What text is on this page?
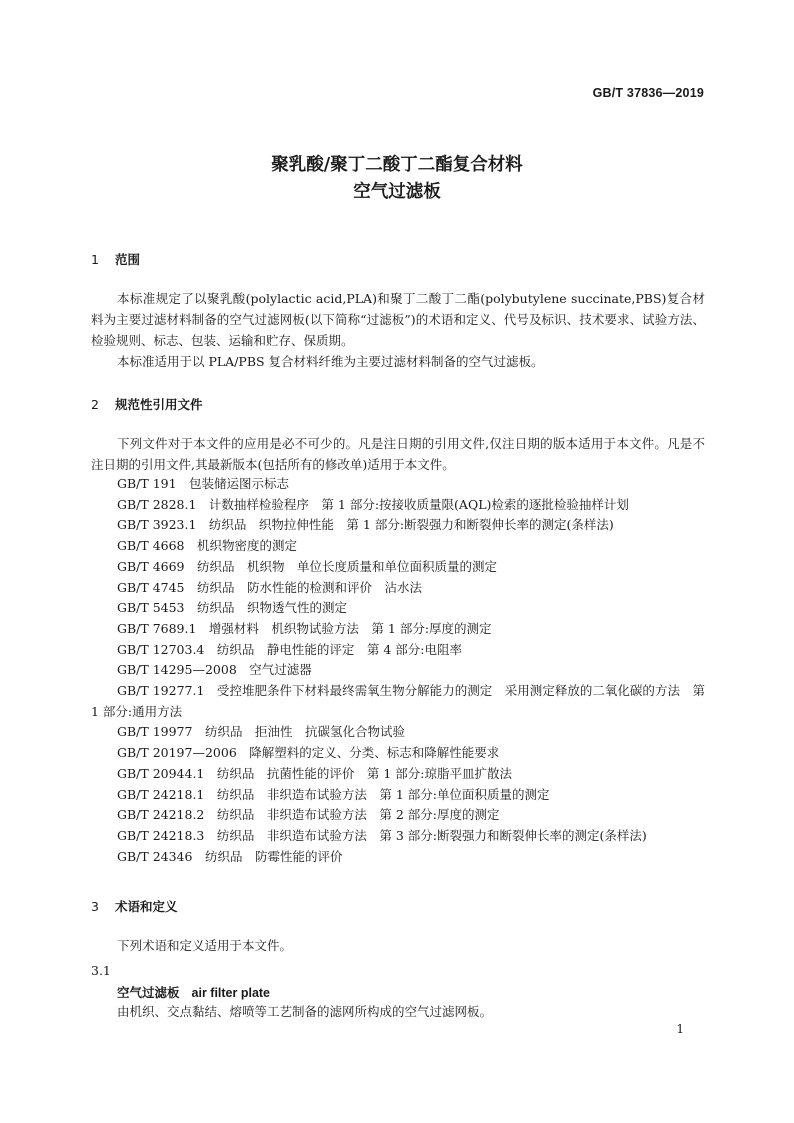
GB/T 37836—2019

聚乳酸/聚丁二酸丁二酯复合材料
空气过滤板
1 范围

本标准规定了以聚乳酸(polylactic acid,PLA)和聚丁二酸丁二酯(polybutylene succinate,PBS)复合材料为主要过滤材料制备的空气过滤网板(以下简称“过滤板”)的术语和定义、代号及标识、技术要求、试验方法、检验规则、标志、包装、运输和贮存、保质期。

本标准适用于以 PLA/PBS 复合材料纤维为主要过滤材料制备的空气过滤板。

2 规范性引用文件

下列文件对于本文件的应用是必不可少的。凡是注日期的引用文件,仅注日期的版本适用于本文件。凡是不注日期的引用文件,其最新版本(包括所有的修改单)适用于本文件。

GB/T 191　包装储运图示标志
GB/T 2828.1　计数抽样检验程序　第 1 部分:按接收质量限(AQL)检索的逐批检验抽样计划
GB/T 3923.1　纺织品　织物拉伸性能　第 1 部分:断裂强力和断裂伸长率的测定(条样法)
GB/T 4668　机织物密度的测定
GB/T 4669　纺织品　机织物　单位长度质量和单位面积质量的测定
GB/T 4745　纺织品　防水性能的检测和评价　沾水法
GB/T 5453　纺织品　织物透气性的测定
GB/T 7689.1　增强材料　机织物试验方法　第 1 部分:厚度的测定
GB/T 12703.4　纺织品　静电性能的评定　第 4 部分:电阻率
GB/T 14295—2008　空气过滤器
GB/T 19277.1　受控堆肥条件下材料最终需氧生物分解能力的测定　采用测定释放的二氧化碳的方法　第 1 部分:通用方法
GB/T 19977　纺织品　拒油性　抗碳氢化合物试验
GB/T 20197—2006　降解塑料的定义、分类、标志和降解性能要求
GB/T 20944.1　纺织品　抗菌性能的评价　第 1 部分:琼脂平皿扩散法
GB/T 24218.1　纺织品　非织造布试验方法　第 1 部分:单位面积质量的测定
GB/T 24218.2　纺织品　非织造布试验方法　第 2 部分:厚度的测定
GB/T 24218.3　纺织品　非织造布试验方法　第 3 部分:断裂强力和断裂伸长率的测定(条样法)
GB/T 24346　纺织品　防霉性能的评价
3 术语和定义

下列术语和定义适用于本文件。

3.1

空气过滤板 air filter plate

由机织、交点黏结、熔喷等工艺制备的滤网所构成的空气过滤网板。

1
